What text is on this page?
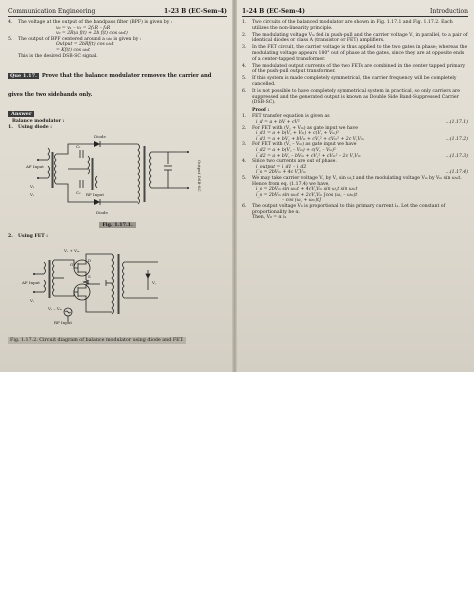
Communication Engineering	1-23 B (EC-Sem-4)
4.	The voltage at the output of the bandpass filter (BPF) is given by :
v₀ = v₁ – v₂ = 2f₁R – f₂R
v₀ = 2R(a f(t) + 2b f(t) cos ω₀t)
5.	The output of BPF centered around a ω₀ is given by :
Output = 2bRf(t) cos ω₀t
= Kf(t) cos ω₀t

This is the desired DSB-SC signal.

Que 1.17. Prove that the balance modulator removes the carrier and gives the two sidebands only.
Answer

Balance modulator :

1.	Using diode :
Diode
Diode
AF Input
V₁
Vₛ	RF Input
C₁
C₂
Output DSB-SC
Fig. 1.17.1.
2.	Using FET :
AF Input
Vₛ + Vₘ
Vₛ – Vₘ
D
G
S
Vₛ
RF Input
V꜀
Fig. 1.17.2. Circuit diagram of balance modulator using diode and FET.
1-24 B (EC-Sem-4)	Introduction
1.	Two circuits of the balanced modulator are shown in Fig. 1.17.1 and Fig. 1.17.2. Each utilizes the non-linearity principle.
2.	The modulating voltage Vₘ fed in push-pull and the carrier voltage V꜀ in parallel, to a pair of identical diodes or class A (transistor or FET) amplifiers.
3.	In the FET circuit, the carrier voltage is thus applied to the two gates in phase; whereas the modulating voltage appears 180° out of phase at the gates, since they are at opposite ends of a center-tapped transformer.
4.	The modulated output currents of the two FETs are combined in the center tapped primary of the push-pull output transformer.
5.	If this system is made completely symmetrical, the carrier frequency will be completely cancelled.
6.	It is not possible to have completely symmetrical system in practical, so only carriers are suppressed and the generated output is known as Double Side Band-Suppressed Carrier (DSB-SC).

Proof :

1.	FET transfer equation is given as
i_d = a + bV + cV²	...(1.17.1)
2.	For FET with (V꜀ + Vₘ) as gate input we have
i_d1 = a + b(V꜀ + Vₘ) + c(V꜀ + Vₘ)²
i_d1 = a + bV꜀ + bVₘ + cV꜀² + cVₘ² + 2c V꜀Vₘ	...(1.17.2)
3.	For FET with (V꜀ – Vₘ) as gate input we have
i_d2 = a + b(V꜀ – Vₘ) + c(V꜀ – Vₘ)²
i_d2 = a + bV꜀ – bVₘ + cV꜀² + cVₘ² – 2c V꜀Vₘ	...(1.17.3)
4.	Since two currents are out of phase.
i_output = i_d1 – i_d2
i_s = 2bVₘ + 4c V꜀Vₘ	...(1.17.4)
5.	We may take carrier voltage V꜀ by V꜀ sin ω꜀t and the modulating voltage Vₘ by Vₘ sin ωₘt.

Hence from eq. (1.17.4) we have,

i_s = 2bVₘ sin ωₘt + 4cV꜀Vₘ sin ω꜀t sin ωₘt
i_s = 2bVₘ sin ωₘt + 2cV꜀Vₘ [cos (ω꜀ – ωₘ)t
– cos (ω꜀ + ωₘ)t]
6.	The output voltage V₀ is proportional to this primary current i₁. Let the constant of proportionality be α.

Then, V₀ = α i₁
